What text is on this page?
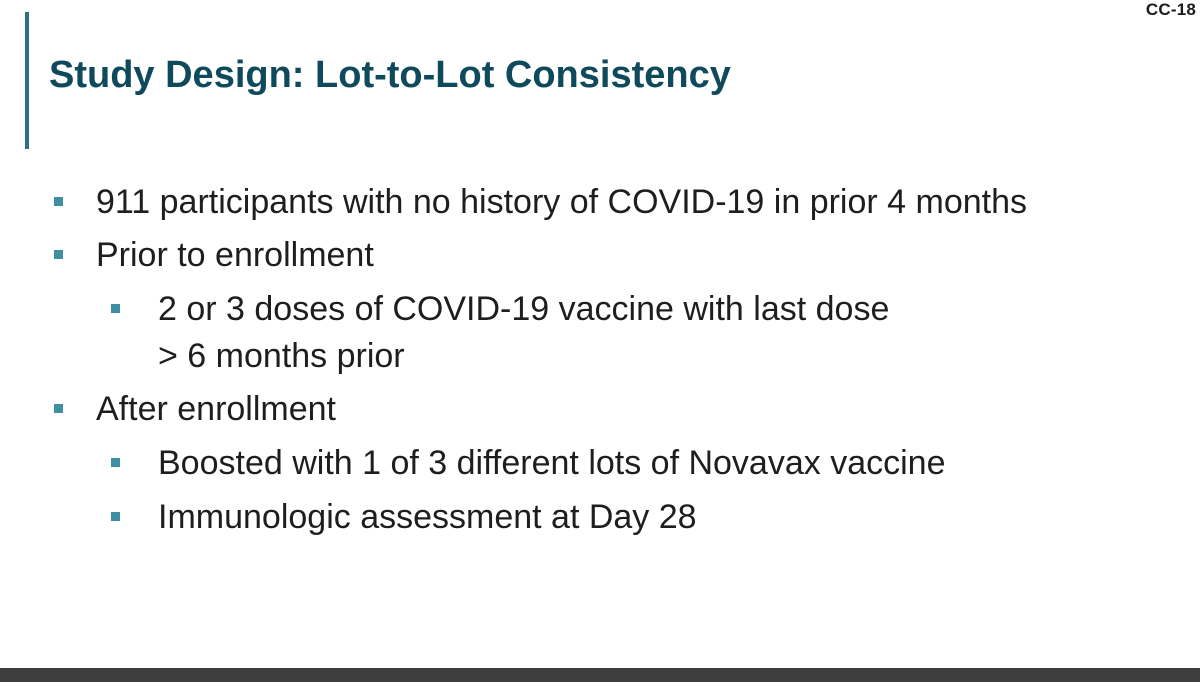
CC-18
Study Design: Lot-to-Lot Consistency
911 participants with no history of COVID-19 in prior 4 months
Prior to enrollment
2 or 3 doses of COVID-19 vaccine with last dose
> 6 months prior
After enrollment
Boosted with 1 of 3 different lots of Novavax vaccine
Immunologic assessment at Day 28
